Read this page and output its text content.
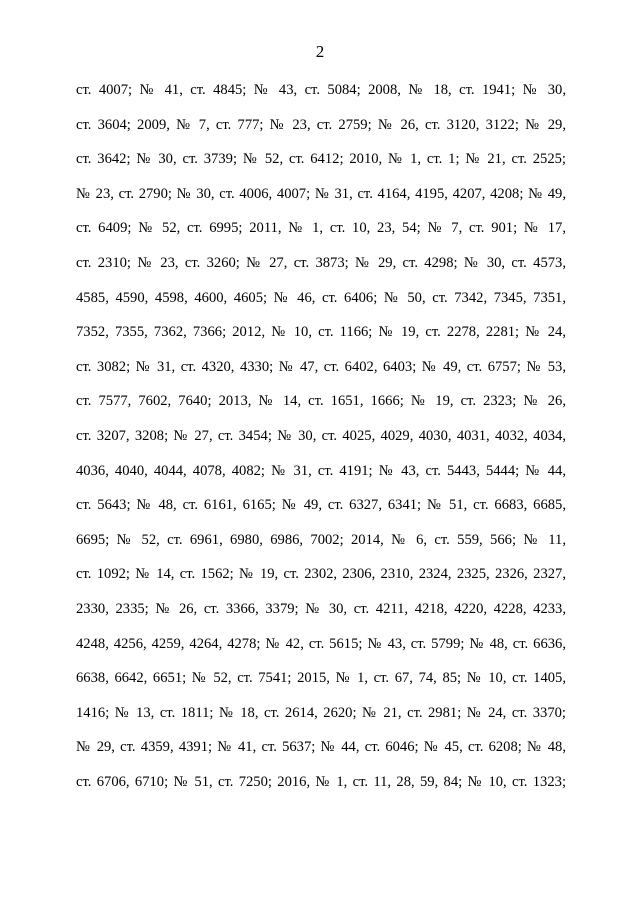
2
ст. 4007; № 41, ст. 4845; № 43, ст. 5084; 2008, № 18, ст. 1941; № 30,
ст. 3604; 2009, № 7, ст. 777; № 23, ст. 2759; № 26, ст. 3120, 3122; № 29,
ст. 3642; № 30, ст. 3739; № 52, ст. 6412; 2010, № 1, ст. 1; № 21, ст. 2525;
№ 23, ст. 2790; № 30, ст. 4006, 4007; № 31, ст. 4164, 4195, 4207, 4208; № 49,
ст. 6409; № 52, ст. 6995; 2011, № 1, ст. 10, 23, 54; № 7, ст. 901; № 17,
ст. 2310; № 23, ст. 3260; № 27, ст. 3873; № 29, ст. 4298; № 30, ст. 4573,
4585, 4590, 4598, 4600, 4605; № 46, ст. 6406; № 50, ст. 7342, 7345, 7351,
7352, 7355, 7362, 7366; 2012, № 10, ст. 1166; № 19, ст. 2278, 2281; № 24,
ст. 3082; № 31, ст. 4320, 4330; № 47, ст. 6402, 6403; № 49, ст. 6757; № 53,
ст. 7577, 7602, 7640; 2013, № 14, ст. 1651, 1666; № 19, ст. 2323; № 26,
ст. 3207, 3208; № 27, ст. 3454; № 30, ст. 4025, 4029, 4030, 4031, 4032, 4034,
4036, 4040, 4044, 4078, 4082; № 31, ст. 4191; № 43, ст. 5443, 5444; № 44,
ст. 5643; № 48, ст. 6161, 6165; № 49, ст. 6327, 6341; № 51, ст. 6683, 6685,
6695; № 52, ст. 6961, 6980, 6986, 7002; 2014, № 6, ст. 559, 566; № 11,
ст. 1092; № 14, ст. 1562; № 19, ст. 2302, 2306, 2310, 2324, 2325, 2326, 2327,
2330, 2335; № 26, ст. 3366, 3379; № 30, ст. 4211, 4218, 4220, 4228, 4233,
4248, 4256, 4259, 4264, 4278; № 42, ст. 5615; № 43, ст. 5799; № 48, ст. 6636,
6638, 6642, 6651; № 52, ст. 7541; 2015, № 1, ст. 67, 74, 85; № 10, ст. 1405,
1416; № 13, ст. 1811; № 18, ст. 2614, 2620; № 21, ст. 2981; № 24, ст. 3370;
№ 29, ст. 4359, 4391; № 41, ст. 5637; № 44, ст. 6046; № 45, ст. 6208; № 48,
ст. 6706, 6710; № 51, ст. 7250; 2016, № 1, ст. 11, 28, 59, 84; № 10, ст. 1323;
